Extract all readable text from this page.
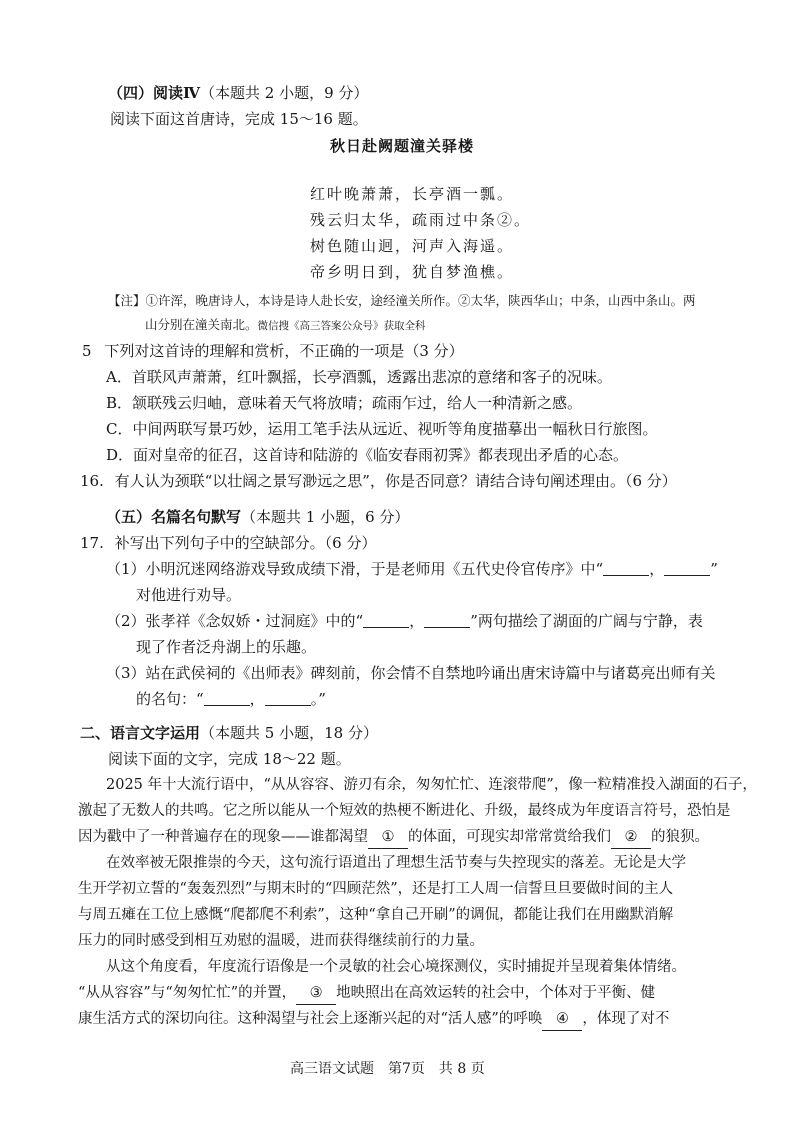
（四）阅读Ⅳ（本题共 2 小题，9 分）
阅读下面这首唐诗，完成 15～16 题。
秋日赴阙题潼关驿楼
红叶晚萧萧，长亭酒一瓢。
残云归太华，疏雨过中条②。
树色随山迥，河声入海遥。
帝乡明日到，犹自梦渔樵。
【注】①许浑，晚唐诗人，本诗是诗人赴长安，途经潼关所作。②太华，陕西华山；中条，山西中条山。两
山分别在潼关南北。微信搜《高三答案公众号》获取全科
5 下列对这首诗的理解和赏析，不正确的一项是（3 分）
A．首联风声萧萧，红叶飘摇，长亭酒瓢，透露出悲凉的意绪和客子的况味。
B．颔联残云归岫，意味着天气将放晴；疏雨乍过，给人一种清新之感。
C．中间两联写景巧妙，运用工笔手法从远近、视听等角度描摹出一幅秋日行旅图。
D．面对皇帝的征召，这首诗和陆游的《临安春雨初霁》都表现出矛盾的心态。
16. 有人认为颈联“以壮阔之景写渺远之思”，你是否同意？请结合诗句阐述理由。（6 分）
（五）名篇名句默写（本题共 1 小题，6 分）
17. 补写出下列句子中的空缺部分。（6 分）
（1）小明沉迷网络游戏导致成绩下滑，于是老师用《五代史伶官传序》中“	，	”
对他进行劝导。
（2）张孝祥《念奴娇・过洞庭》中的“	，	”两句描绘了湖面的广阔与宁静，表
现了作者泛舟湖上的乐趣。
（3）站在武侯祠的《出师表》碑刻前，你会情不自禁地吟诵出唐宋诗篇中与诸葛亮出师有关
的名句：“	，	。”
二、语言文字运用（本题共 5 小题，18 分）
阅读下面的文字，完成 18～22 题。
2025 年十大流行语中，“从从容容、游刃有余，匆匆忙忙、连滚带爬”，像一粒精准投入湖面的石子，
激起了无数人的共鸣。它之所以能从一个短效的热梗不断进化、升级，最终成为年度语言符号，恐怕是
因为戳中了一种普遍存在的现象——谁都渴望 ① 的体面，可现实却常常赏给我们 ② 的狼狈。
在效率被无限推崇的今天，这句流行语道出了理想生活节奏与失控现实的落差。无论是大学
生开学初立誓的“轰轰烈烈”与期末时的“四顾茫然”，还是打工人周一信誓旦旦要做时间的主人
与周五瘫在工位上感慨“爬都爬不利索”，这种“拿自己开刷”的调侃，都能让我们在用幽默消解
压力的同时感受到相互劝慰的温暖，进而获得继续前行的力量。
从这个角度看，年度流行语像是一个灵敏的社会心境探测仪，实时捕捉并呈现着集体情绪。
“从从容容”与“匆匆忙忙”的并置， ③ 地映照出在高效运转的社会中，个体对于平衡、健
康生活方式的深切向往。这种渴望与社会上逐渐兴起的对“活人感”的呼唤 ④ ，体现了对不
高三语文试题　第7页　共 8 页
